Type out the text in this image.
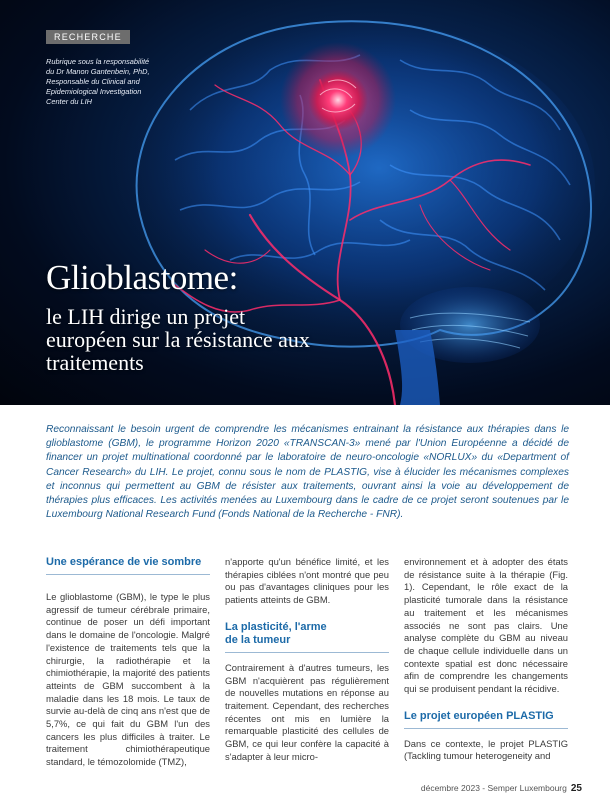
RECHERCHE
Rubrique sous la responsabilité
du Dr Manon Gantenbein, PhD,
Responsable du Clinical and
Epidemiological Investigation
Center du LIH
Glioblastome:
le LIH dirige un projet européen sur la résistance aux traitements

Reconnaissant le besoin urgent de comprendre les mécanismes entrainant la résistance aux thérapies dans le glioblastome (GBM), le programme Horizon 2020 «TRANSCAN-3» mené par l'Union Européenne a décidé de financer un projet multinational coordonné par le laboratoire de neuro-oncologie «NORLUX» du «Department of Cancer Research» du LIH. Le projet, connu sous le nom de PLASTIG, vise à élucider les mécanismes complexes et inconnus qui permettent au GBM de résister aux traitements, ouvrant ainsi la voie au développement de thérapies plus efficaces. Les activités menées au Luxembourg dans le cadre de ce projet seront soutenues par le Luxembourg National Research Fund (Fonds National de la Recherche - FNR).

Une espérance de vie sombre

Le glioblastome (GBM), le type le plus agressif de tumeur cérébrale primaire, continue de poser un défi important dans le domaine de l'oncologie. Malgré l'existence de traitements tels que la chirurgie, la radiothérapie et la chimiothérapie, la majorité des patients atteints de GBM succombent à la maladie dans les 18 mois. Le taux de survie au-delà de cinq ans n'est que de 5,7%, ce qui fait du GBM l'un des cancers les plus difficiles à traiter. Le traitement chimiothérapeutique standard, le témozolomide (TMZ),

n'apporte qu'un bénéfice limité, et les thérapies ciblées n'ont montré que peu ou pas d'avantages cliniques pour les patients atteints de GBM.

La plasticité, l'arme
de la tumeur

Contrairement à d'autres tumeurs, les GBM n'acquièrent pas régulièrement de nouvelles mutations en réponse au traitement. Cependant, des recherches récentes ont mis en lumière la remarquable plasticité des cellules de GBM, ce qui leur confère la capacité à s'adapter à leur micro-

environnement et à adopter des états de résistance suite à la thérapie (Fig. 1). Cependant, le rôle exact de la plasticité tumorale dans la résistance au traitement et les mécanismes associés ne sont pas clairs. Une analyse complète du GBM au niveau de chaque cellule individuelle dans un contexte spatial est donc nécessaire afin de comprendre les changements qui se produisent pendant la récidive.

Le projet européen PLASTIG

Dans ce contexte, le projet PLASTIG (Tackling tumour heterogeneity and

décembre 2023 - Semper Luxembourg 25
